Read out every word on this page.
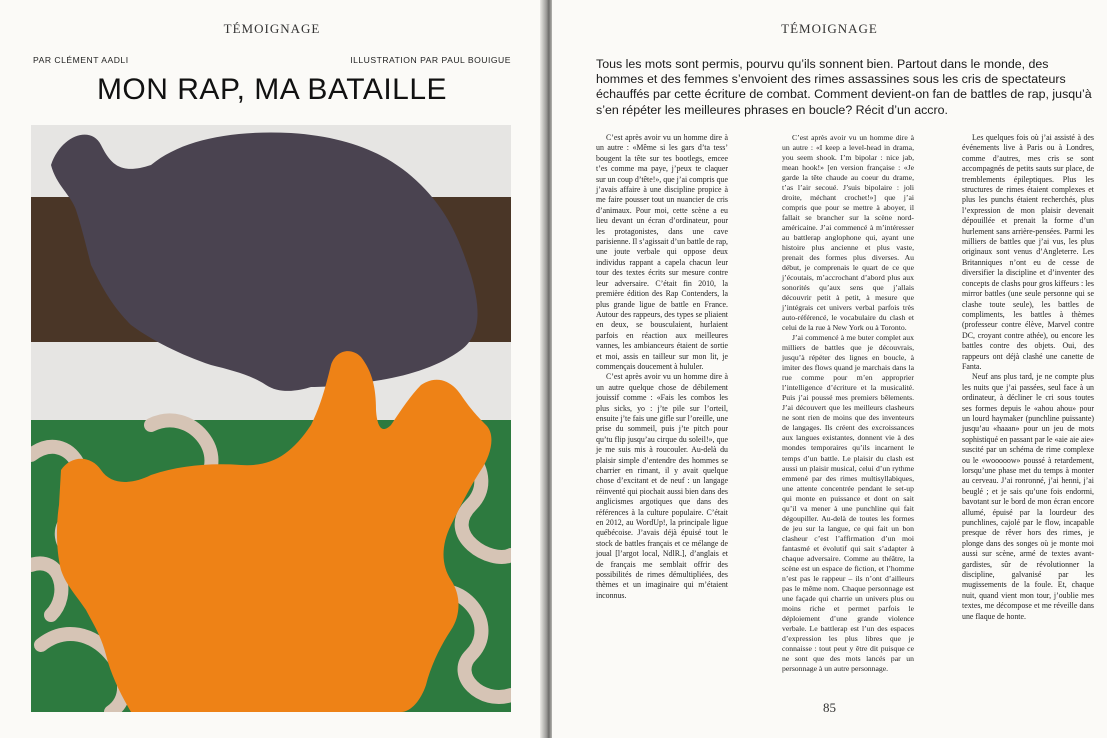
TÉMOIGNAGE
PAR CLÉMENT AADLI	ILLUSTRATION PAR PAUL BOUIGUE
MON RAP, MA BATAILLE
TÉMOIGNAGE

Tous les mots sont permis, pourvu qu’ils sonnent bien. Partout dans le monde, des hommes et des femmes s’envoient des rimes assassines sous les cris de spectateurs échauffés par cette écriture de combat. Comment devient-on fan de battles de rap, jusqu’à s’en répéter les meilleures phrases en boucle? Récit d’un accro.

C’est après avoir vu un homme dire à un autre : «Même si les gars d’ta tess’ bougent la tête sur tes bootlegs, emcee t’es comme ma paye, j’peux te claquer sur un coup d’tête!», que j’ai compris que j’avais affaire à une discipline propice à me faire pousser tout un nuancier de cris d’animaux. Pour moi, cette scène a eu lieu devant un écran d’ordinateur, pour les protagonistes, dans une cave parisienne. Il s’agissait d’un battle de rap, une joute verbale qui oppose deux individus rappant a capela chacun leur tour des textes écrits sur mesure contre leur adversaire. C’était fin 2010, la première édition des Rap Contenders, la plus grande ligue de battle en France. Autour des rappeurs, des types se pliaient en deux, se bousculaient, hurlaient parfois en réaction aux meilleures vannes, les ambianceurs étaient de sortie et moi, assis en tailleur sur mon lit, je commençais doucement à hululer.

C’est après avoir vu un homme dire à un autre quelque chose de débilement jouissif comme : «Fais les combos les plus sicks, yo : j’te pile sur l’orteil, ensuite j’te fais une gifle sur l’oreille, une prise du sommeil, puis j’te pitch pour qu’tu flip jusqu’au cirque du soleil!», que je me suis mis à roucouler. Au-delà du plaisir simple d’entendre des hommes se charrier en rimant, il y avait quelque chose d’excitant et de neuf : un langage réinventé qui piochait aussi bien dans des anglicismes argotiques que dans des références à la culture populaire. C’était en 2012, au WordUp!, la principale ligue québécoise. J’avais déjà épuisé tout le stock de battles français et ce mélange de joual [l’argot local, NdlR.], d’anglais et de français me semblait offrir des possibilités de rimes démultipliées, des thèmes et un imaginaire qui m’étaient inconnus.

C’est après avoir vu un homme dire à un autre : «I keep a level-head in drama, you seem shook. I’m bipolar : nice jab, mean hook!» [en version française : «Je garde la tête chaude au coeur du drame, t’as l’air secoué. J’suis bipolaire : joli droite, méchant crochet!»] que j’ai compris que pour se mettre à aboyer, il fallait se brancher sur la scène nord-américaine. J’ai commencé à m’intéresser au battlerap anglophone qui, ayant une histoire plus ancienne et plus vaste, prenait des formes plus diverses. Au début, je comprenais le quart de ce que j’écoutais, m’accrochant d’abord plus aux sonorités qu’aux sens que j’allais découvrir petit à petit, à mesure que j’intégrais cet univers verbal parfois très auto-référencé, le vocabulaire du clash et celui de la rue à New York ou à Toronto.

J’ai commencé à me buter complet aux milliers de battles que je découvrais, jusqu’à répéter des lignes en boucle, à imiter des flows quand je marchais dans la rue comme pour m’en approprier l’intelligence d’écriture et la musicalité. Puis j’ai poussé mes premiers bêlements. J’ai découvert que les meilleurs clasheurs ne sont rien de moins que des inventeurs de langages. Ils créent des excroissances aux langues existantes, donnent vie à des mondes temporaires qu’ils incarnent le temps d’un battle. Le plaisir du clash est aussi un plaisir musical, celui d’un rythme emmené par des rimes multisyllabiques, une attente concentrée pendant le set-up qui monte en puissance et dont on sait qu’il va mener à une punchline qui fait dégoupiller. Au-delà de toutes les formes de jeu sur la langue, ce qui fait un bon clasheur c’est l’affirmation d’un moi fantasmé et évolutif qui sait s’adapter à chaque adversaire. Comme au théâtre, la scène est un espace de fiction, et l’homme n’est pas le rappeur – ils n’ont d’ailleurs pas le même nom. Chaque personnage est une façade qui charrie un univers plus ou moins riche et permet parfois le déploiement d’une grande violence verbale. Le battlerap est l’un des espaces d’expression les plus libres que je connaisse : tout peut y être dit puisque ce ne sont que des mots lancés par un personnage à un autre personnage.

Les quelques fois où j’ai assisté à des événements live à Paris ou à Londres, comme d’autres, mes cris se sont accompagnés de petits sauts sur place, de tremblements épileptiques. Plus les structures de rimes étaient complexes et plus les punchs étaient recherchés, plus l’expression de mon plaisir devenait dépouillée et prenait la forme d’un hurlement sans arrière-pensées. Parmi les milliers de battles que j’ai vus, les plus originaux sont venus d’Angleterre. Les Britanniques n’ont eu de cesse de diversifier la discipline et d’inventer des concepts de clashs pour gros kiffeurs : les mirror battles (une seule personne qui se clashe toute seule), les battles de compliments, les battles à thèmes (professeur contre élève, Marvel contre DC, croyant contre athée), ou encore les battles contre des objets. Oui, des rappeurs ont déjà clashé une canette de Fanta.

Neuf ans plus tard, je ne compte plus les nuits que j’ai passées, seul face à un ordinateur, à décliner le cri sous toutes ses formes depuis le «ahou ahou» pour un lourd haymaker (punchline puissante) jusqu’au «haaan» pour un jeu de mots sophistiqué en passant par le «aie aie aie» suscité par un schéma de rime complexe ou le «wooooow» poussé à retardement, lorsqu’une phase met du temps à monter au cerveau. J’ai ronronné, j’ai henni, j’ai beuglé ; et je sais qu’une fois endormi, bavotant sur le bord de mon écran encore allumé, épuisé par la lourdeur des punchlines, cajolé par le flow, incapable presque de rêver hors des rimes, je plonge dans des songes où je monte moi aussi sur scène, armé de textes avant-gardistes, sûr de révolutionner la discipline, galvanisé par les mugissements de la foule. Et, chaque nuit, quand vient mon tour, j’oublie mes textes, me décompose et me réveille dans une flaque de honte.

85
